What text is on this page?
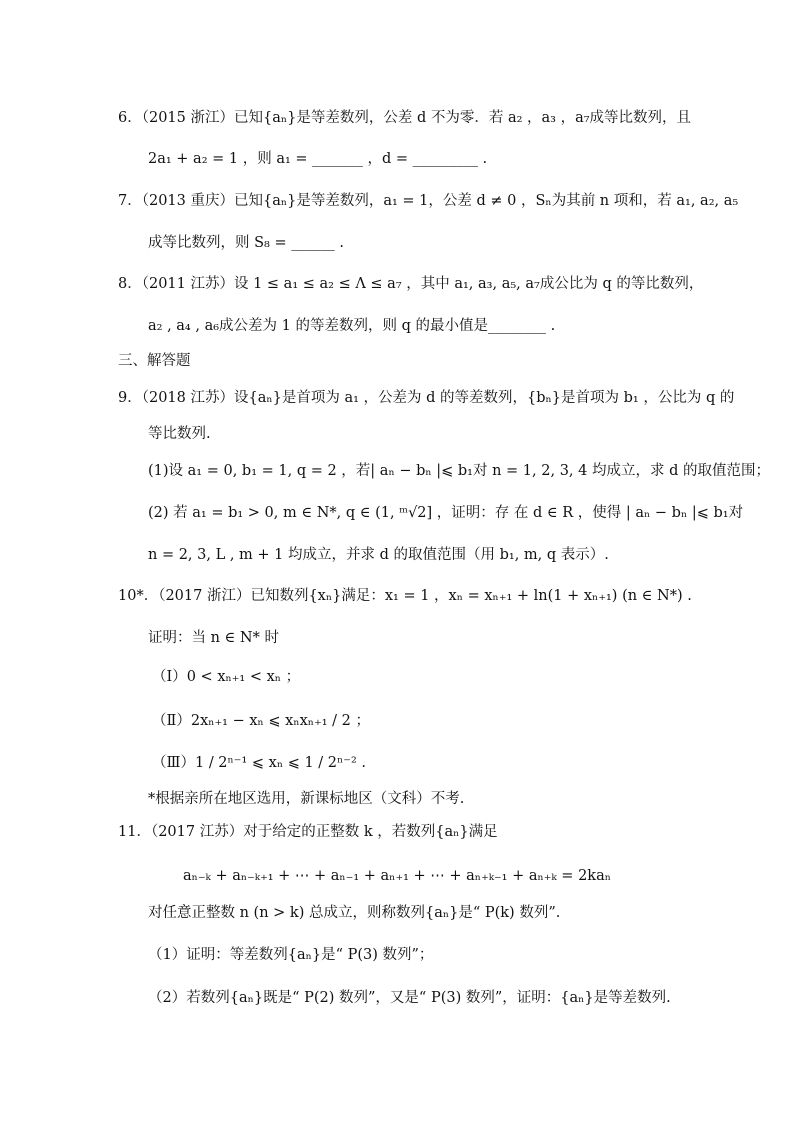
6．（2015 浙江）已知{aₙ}是等差数列，公差 d 不为零．若 a₂ ，a₃ ，a₇成等比数列，且
2a₁ + a₂ = 1 ，则 a₁ = _______ ，d = _________ .
7．（2013 重庆）已知{aₙ}是等差数列，a₁ = 1，公差 d ≠ 0 ，Sₙ为其前 n 项和，若 a₁, a₂, a₅
成等比数列，则 S₈ = ______ .
8．（2011 江苏）设 1 ≤ a₁ ≤ a₂ ≤ Λ ≤ a₇ ，其中 a₁, a₃, a₅, a₇成公比为 q 的等比数列，
a₂ , a₄ , a₆成公差为 1 的等差数列，则 q 的最小值是________ .
三、解答题
9．（2018 江苏）设{aₙ}是首项为 a₁ ，公差为 d 的等差数列，{bₙ}是首项为 b₁ ，公比为 q 的
等比数列.
(1)设 a₁ = 0, b₁ = 1, q = 2 ，若| aₙ − bₙ |⩽ b₁对 n = 1, 2, 3, 4 均成立，求 d 的取值范围；
(2) 若 a₁ = b₁ > 0, m ∈ N*, q ∈ (1, ᵐ√2] ，证明：存 在 d ∈ R ，使得 | aₙ − bₙ |⩽ b₁对
n = 2, 3, L , m + 1 均成立，并求 d 的取值范围（用 b₁, m, q 表示）.
10*．（2017 浙江）已知数列{xₙ}满足：x₁ = 1 ，xₙ = xₙ₊₁ + ln(1 + xₙ₊₁) (n ∈ N*) .
证明：当 n ∈ N* 时
（Ⅰ）0 < xₙ₊₁ < xₙ ；
（Ⅱ）2xₙ₊₁ − xₙ ⩽ xₙxₙ₊₁ / 2 ；
（Ⅲ）1 / 2ⁿ⁻¹ ⩽ xₙ ⩽ 1 / 2ⁿ⁻² .
*根据亲所在地区选用，新课标地区（文科）不考.
11．（2017 江苏）对于给定的正整数 k ，若数列{aₙ}满足
aₙ₋ₖ + aₙ₋ₖ₊₁ + ⋯ + aₙ₋₁ + aₙ₊₁ + ⋯ + aₙ₊ₖ₋₁ + aₙ₊ₖ = 2kaₙ
对任意正整数 n (n > k) 总成立，则称数列{aₙ}是“ P(k) 数列”.
（1）证明：等差数列{aₙ}是“ P(3) 数列”；
（2）若数列{aₙ}既是“ P(2) 数列”，又是“ P(3) 数列”，证明：{aₙ}是等差数列.
